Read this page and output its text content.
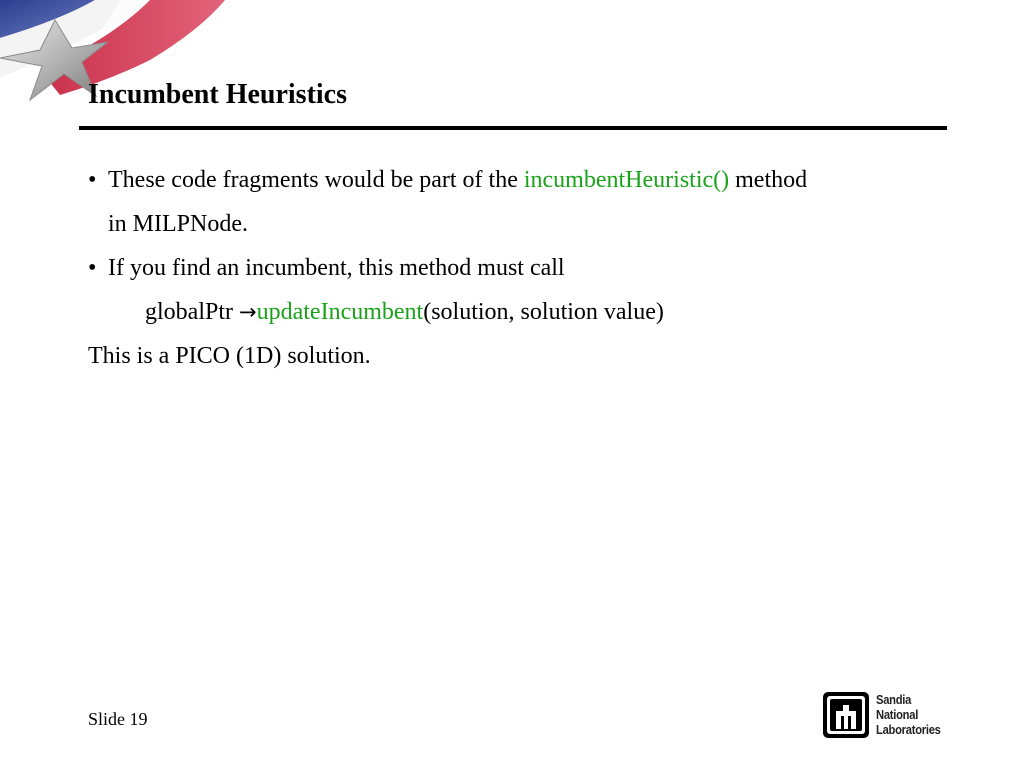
Incumbent Heuristics
• These code fragments would be part of the incumbentHeuristic() method
in MILPNode.
• If you find an incumbent, this method must call
globalPtr →updateIncumbent(solution, solution value)
This is a PICO (1D) solution.
Slide 19
Sandia
National
Laboratories
